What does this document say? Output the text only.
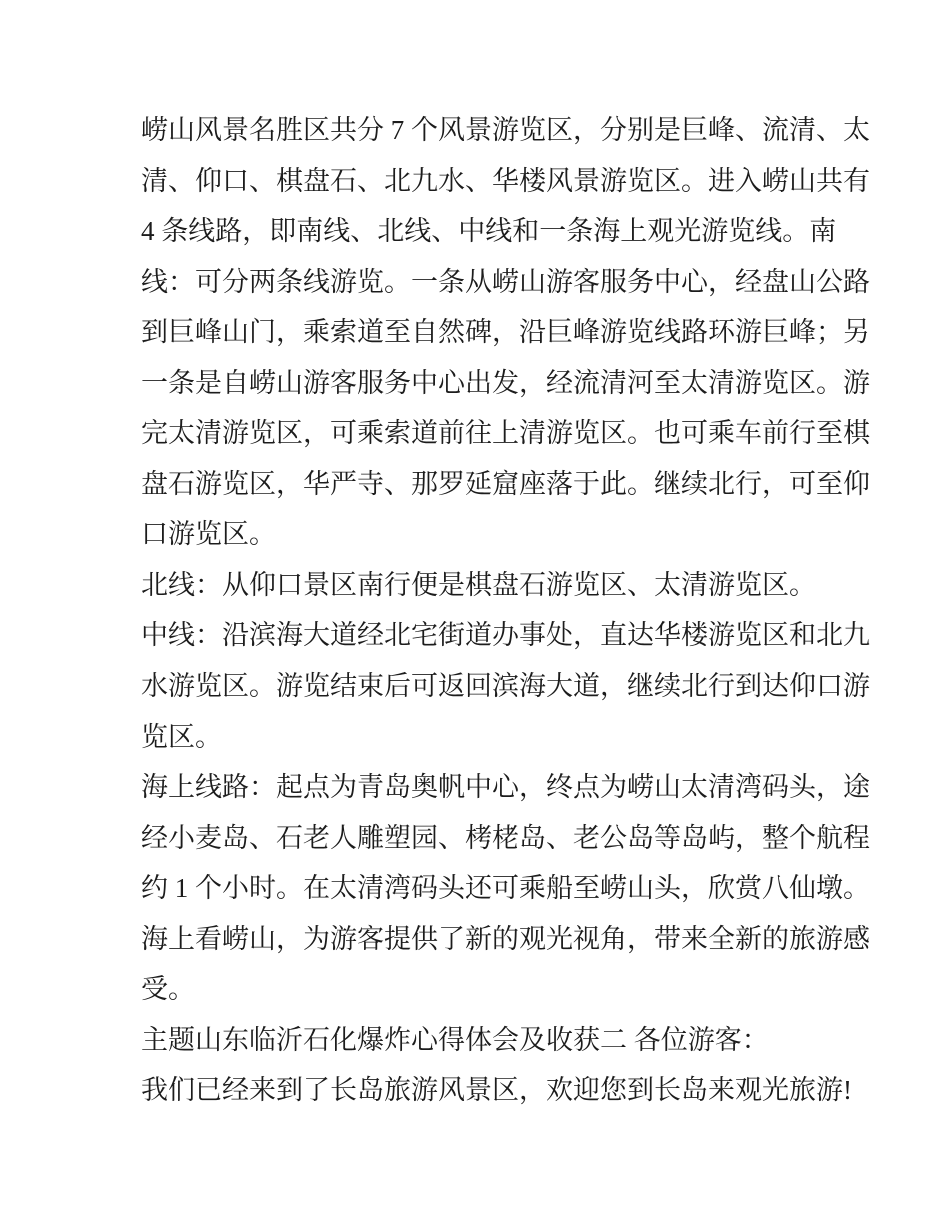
崂山风景名胜区共分 7 个风景游览区，分别是巨峰、流清、太
清、仰口、棋盘石、北九水、华楼风景游览区。进入崂山共有
4 条线路，即南线、北线、中线和一条海上观光游览线。南
线：可分两条线游览。一条从崂山游客服务中心，经盘山公路
到巨峰山门，乘索道至自然碑，沿巨峰游览线路环游巨峰；另
一条是自崂山游客服务中心出发，经流清河至太清游览区。游
完太清游览区，可乘索道前往上清游览区。也可乘车前行至棋
盘石游览区，华严寺、那罗延窟座落于此。继续北行，可至仰
口游览区。
北线：从仰口景区南行便是棋盘石游览区、太清游览区。
中线：沿滨海大道经北宅街道办事处，直达华楼游览区和北九
水游览区。游览结束后可返回滨海大道，继续北行到达仰口游
览区。
海上线路：起点为青岛奥帆中心，终点为崂山太清湾码头，途
经小麦岛、石老人雕塑园、栲栳岛、老公岛等岛屿，整个航程
约 1 个小时。在太清湾码头还可乘船至崂山头，欣赏八仙墩。
海上看崂山，为游客提供了新的观光视角，带来全新的旅游感
受。
主题山东临沂石化爆炸心得体会及收获二 各位游客：
我们已经来到了长岛旅游风景区，欢迎您到长岛来观光旅游!
